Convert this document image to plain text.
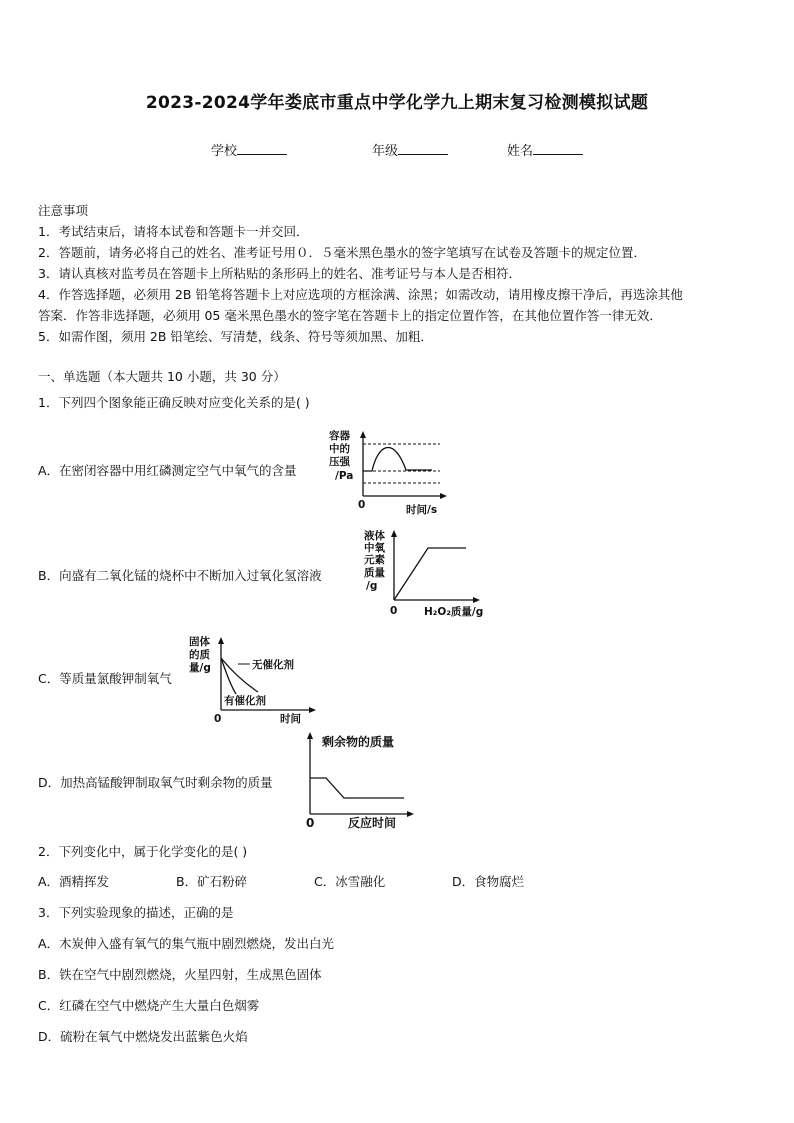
2023-2024学年娄底市重点中学化学九上期末复习检测模拟试题
学校	年级	姓名
注意事项
1．考试结束后，请将本试卷和答题卡一并交回．
2．答题前，请务必将自己的姓名、准考证号用０．５毫米黑色墨水的签字笔填写在试卷及答题卡的规定位置．
3．请认真核对监考员在答题卡上所粘贴的条形码上的姓名、准考证号与本人是否相符．
4．作答选择题，必须用 2B 铅笔将答题卡上对应选项的方框涂满、涂黑；如需改动，请用橡皮擦干净后，再选涂其他
答案．作答非选择题，必须用 05 毫米黑色墨水的签字笔在答题卡上的指定位置作答，在其他位置作答一律无效．
5．如需作图，须用 2B 铅笔绘、写清楚，线条、符号等须加黑、加粗．
一、单选题（本大题共 10 小题，共 30 分）
1．下列四个图象能正确反映对应变化关系的是( )
A．在密闭容器中用红磷测定空气中氧气的含量
容器
中的
压强
/Pa
0	时间/s
B．向盛有二氧化锰的烧杯中不断加入过氧化氢溶液
液体
中氧
元素
质量
/g
0	H₂O₂质量/g
C．等质量氯酸钾制氧气
固体
的质
量/g
0	时间
有催化剂
无催化剂
D．加热高锰酸钾制取氧气时剩余物的质量
剩余物的质量
0	反应时间
2．下列变化中，属于化学变化的是( )
A．酒精挥发	B．矿石粉碎	C．冰雪融化	D．食物腐烂
3．下列实验现象的描述，正确的是
A．木炭伸入盛有氧气的集气瓶中剧烈燃烧，发出白光
B．铁在空气中剧烈燃烧，火星四射，生成黑色固体
C．红磷在空气中燃烧产生大量白色烟雾
D．硫粉在氧气中燃烧发出蓝紫色火焰
